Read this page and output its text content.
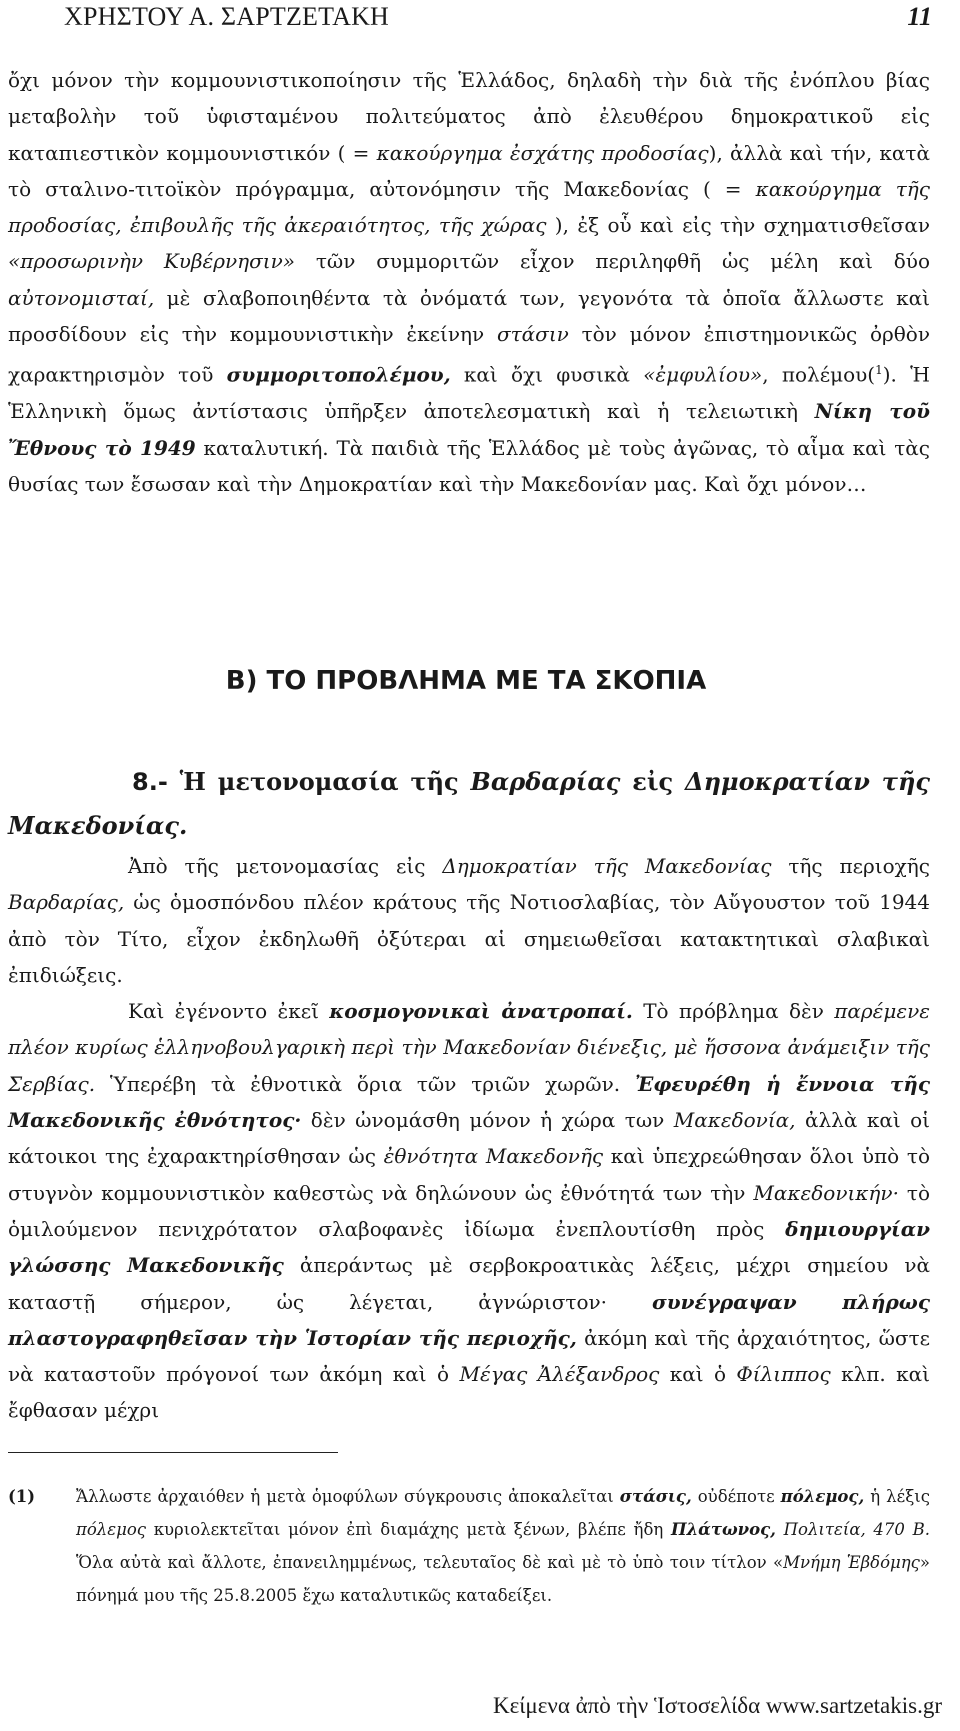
ΧΡΗΣΤΟΥ Α. ΣΑΡΤΖΕΤΑΚΗ	11

ὄχι μόνον τὴν κομμουνιστικοποίησιν τῆς Ἑλλάδος, δηλαδὴ τὴν διὰ τῆς ἐνόπλου βίας μεταβολὴν τοῦ ὑφισταμένου πολιτεύματος ἀπὸ ἐλευθέρου δημοκρατικοῦ εἰς καταπιεστικὸν κομμουνιστικόν ( = κακούργημα ἐσχάτης προδοσίας), ἀλλὰ καὶ τήν, κατὰ τὸ σταλινο-τιτοϊκὸν πρόγραμμα, αὐτονόμησιν τῆς Μακεδονίας ( = κακούργημα τῆς προδοσίας, ἐπιβουλῆς τῆς ἀκεραιότητος, τῆς χώρας ), ἐξ οὗ καὶ εἰς τὴν σχηματισθεῖσαν «προσωρινὴν Κυβέρνησιν» τῶν συμμοριτῶν εἶχον περιληφθῆ ὡς μέλη καὶ δύο αὐτονομισταί, μὲ σλαβοποιηθέντα τὰ ὀνόματά των, γεγονότα τὰ ὁποῖα ἄλλωστε καὶ προσδίδουν εἰς τὴν κομμουνιστικὴν ἐκείνην στάσιν τὸν μόνον ἐπιστημονικῶς ὀρθὸν χαρακτηρισμὸν τοῦ συμμοριτοπολέμου, καὶ ὄχι φυσικὰ «ἐμφυλίου», πολέμου($^1$). Ἡ Ἑλληνικὴ ὅμως ἀντίστασις ὑπῆρξεν ἀποτελεσματικὴ καὶ ἡ τελειωτικὴ Νίκη τοῦ Ἔθνους τὸ 1949 καταλυτική. Τὰ παιδιὰ τῆς Ἑλλάδος μὲ τοὺς ἀγῶνας, τὸ αἷμα καὶ τὰς θυσίας των ἔσωσαν καὶ τὴν Δημοκρατίαν καὶ τὴν Μακεδονίαν μας. Καὶ ὄχι μόνον…

Β) ΤΟ ΠΡΟΒΛΗΜΑ ΜΕ ΤΑ ΣΚΟΠΙΑ

8.- Ἡ μετονομασία τῆς Βαρδαρίας εἰς Δημοκρατίαν τῆς Μακεδονίας.

Ἀπὸ τῆς μετονομασίας εἰς Δημοκρατίαν τῆς Μακεδονίας τῆς περιοχῆς Βαρδαρίας, ὡς ὁμοσπόνδου πλέον κράτους τῆς Νοτιοσλαβίας, τὸν Αὔγουστον τοῦ 1944 ἀπὸ τὸν Τίτο, εἶχον ἐκδηλωθῆ ὀξύτεραι αἱ σημειωθεῖσαι κατακτητικαὶ σλαβικαὶ ἐπιδιώξεις.

Καὶ ἐγένοντο ἐκεῖ κοσμογονικαὶ ἀνατροπαί. Τὸ πρόβλημα δὲν παρέμενε πλέον κυρίως ἑλληνοβουλγαρικὴ περὶ τὴν Μακεδονίαν διένεξις, μὲ ἥσσονα ἀνάμειξιν τῆς Σερβίας. Ὑπερέβη τὰ ἐθνοτικὰ ὅρια τῶν τριῶν χωρῶν. Ἐφευρέθη ἡ ἔννοια τῆς Μακεδονικῆς ἐθνότητος· δὲν ὠνομάσθη μόνον ἡ χώρα των Μακεδονία, ἀλλὰ καὶ οἱ κάτοικοι της ἐχαρακτηρίσθησαν ὡς ἐθνότητα Μακεδονῆς καὶ ὑπεχρεώθησαν ὅλοι ὑπὸ τὸ στυγνὸν κομμουνιστικὸν καθεστὼς νὰ δηλώνουν ὡς ἐθνότητά των τὴν Μακεδονικήν· τὸ ὁμιλούμενον πενιχρότατον σλαβοφανὲς ἰδίωμα ἐνεπλουτίσθη πρὸς δημιουργίαν γλώσσης Μακεδονικῆς ἀπεράντως μὲ σερβοκροατικὰς λέξεις, μέχρι σημείου νὰ καταστῇ σήμερον, ὡς λέγεται, ἀγνώριστον· συνέγραψαν πλήρως πλαστογραφηθεῖσαν τὴν Ἱστορίαν τῆς περιοχῆς, ἀκόμη καὶ τῆς ἀρχαιότητος, ὥστε νὰ καταστοῦν πρόγονοί των ἀκόμη καὶ ὁ Μέγας Ἀλέξανδρος καὶ ὁ Φίλιππος κλπ. καὶ ἔφθασαν μέχρι

(1)	Ἄλλωστε ἀρχαιόθεν ἡ μετὰ ὁμοφύλων σύγκρουσις ἀποκαλεῖται στάσις, οὐδέποτε πόλεμος, ἡ λέξις πόλεμος κυριολεκτεῖται μόνον ἐπὶ διαμάχης μετὰ ξένων, βλέπε ἤδη Πλάτωνος, Πολιτεία, 470 Β. Ὅλα αὐτὰ καὶ ἄλλοτε, ἐπανειλημμένως, τελευταῖος δὲ καὶ μὲ τὸ ὑπὸ τοιν τίτλον «Μνήμη Ἑβδόμης» πόνημά μου τῆς 25.8.2005 ἔχω καταλυτικῶς καταδείξει.
Κείμενα ἀπὸ τὴν Ἱστοσελίδα www.sartzetakis.gr
